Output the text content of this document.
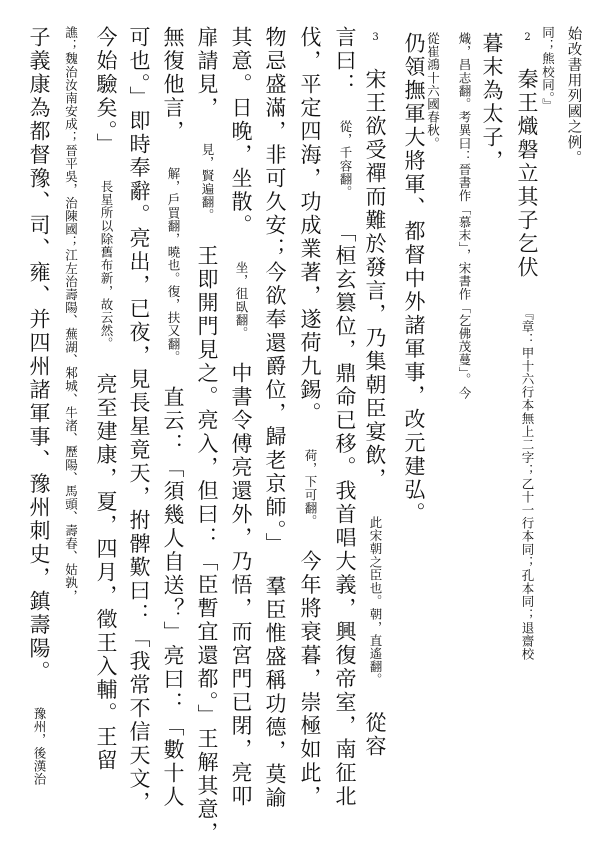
始改書用列國之例。
2 秦王熾磐立其子乞伏 『章：甲十六行本無上二字；乙十一行本同；孔本同；退齋校
同；熊校同。』
熾，昌志翻。考異曰：晉書作「慕末」，宋書作「乞佛茂蔓」。今 暮末為太子，
從崔鴻十六國春秋。
仍領撫軍大將軍、都督中外諸軍事，改元建弘。
3 宋王欲受禪而難於發言，乃集朝臣宴飲， 此宋朝之臣也。朝，直遙翻。 從容
言曰： 從，千容翻。 「桓玄篡位，鼎命已移。我首唱大義，興復帝室，南征北
伐，平定四海，功成業著，遂荷九錫。 荷，下可翻。 今年將衰暮，崇極如此，
物忌盛滿，非可久安；今欲奉還爵位，歸老京師。」 羣臣惟盛稱功德，莫諭
其意。日晚，坐散。 坐，徂臥翻。 中書令傅亮還外，乃悟，而宮門已閉，亮叩
扉請見， 見，賢遍翻。 王即開門見之。亮入，但曰：「臣暫宜還都。」王解其意，
無復他言， 解，戶買翻，曉也。復，扶又翻。 直云：「須幾人自送？」亮曰：「數十人
可也。」即時奉辭。亮出，已夜，見長星竟天，拊髀歎曰：「我常不信天文，
今始驗矣。」 長星所以除舊布新，故云然。 亮至建康，夏，四月，徵王入輔。王留
子義康為都督豫、司、雍、并四州諸軍事、豫州刺史，鎮壽陽。 豫州，後漢治
譙；魏治汝南安成；晉平吳，治陳國；江左治壽陽、蕪湖、邾城、牛渚、歷陽、馬頭、壽春、姑孰，
